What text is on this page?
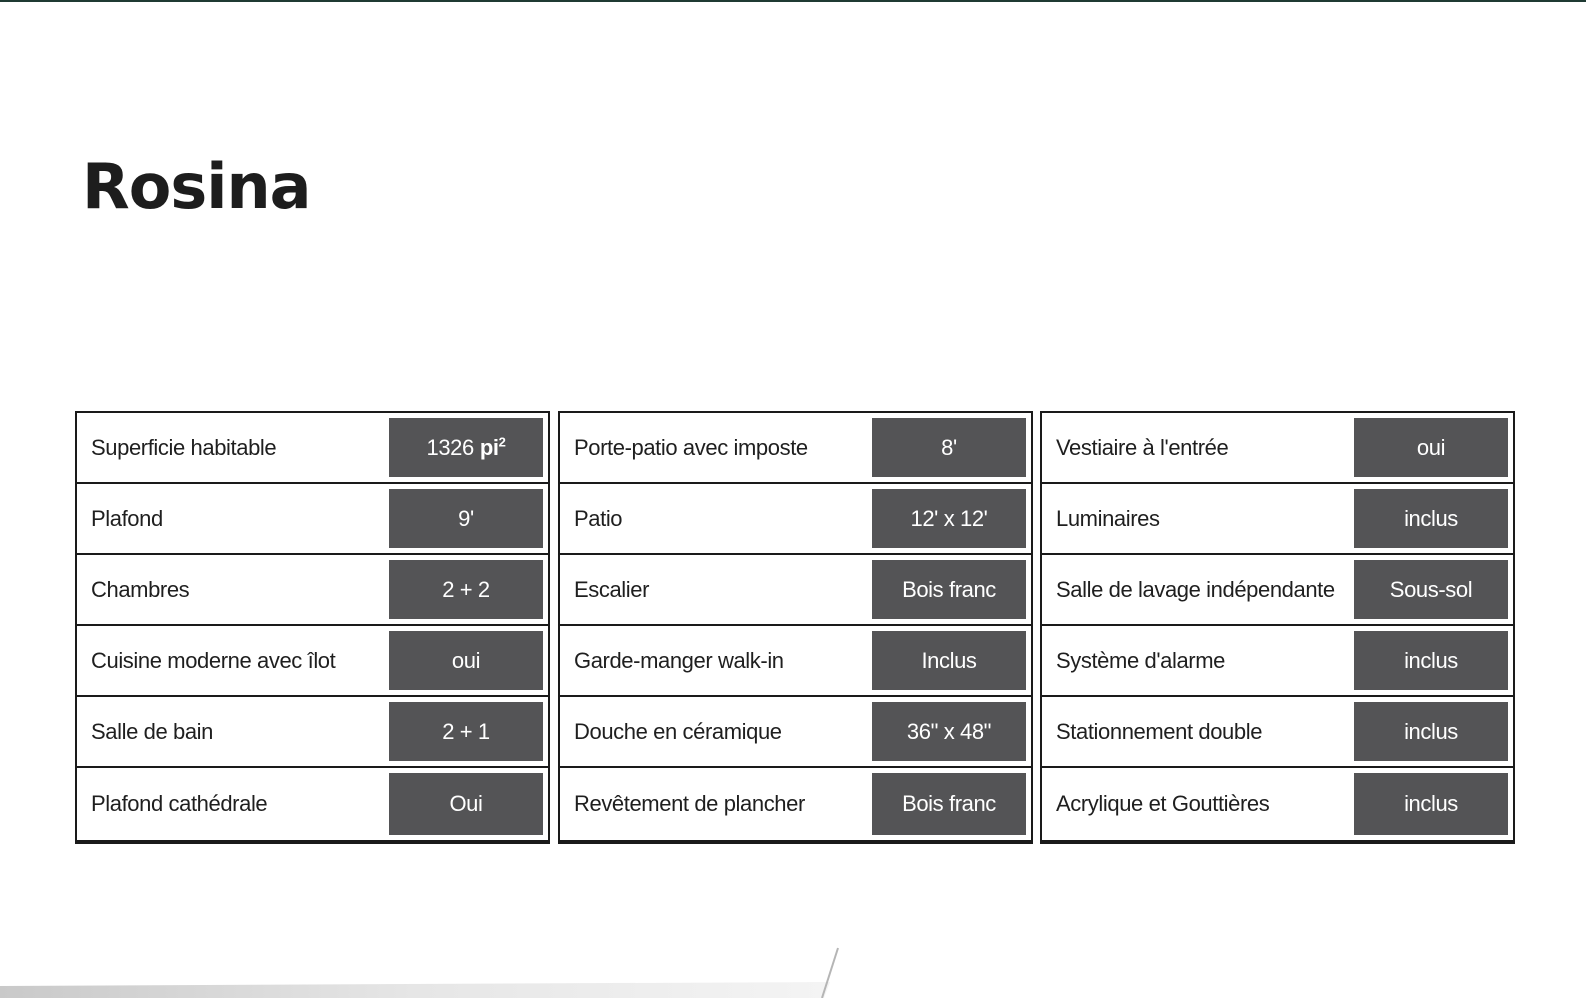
Rosina
Superficie habitable	1326 $pi^2$
Plafond	9'
Chambres	2 + 2
Cuisine moderne avec îlot	oui
Salle de bain	2 + 1
Plafond cathédrale	Oui
Porte-patio avec imposte	8'
Patio	12' x 12'
Escalier	Bois franc
Garde-manger walk-in	Inclus
Douche en céramique	36" x 48"
Revêtement de plancher	Bois franc
Vestiaire à l'entrée	oui
Luminaires	inclus
Salle de lavage indépendante	Sous-sol
Système d'alarme	inclus
Stationnement double	inclus
Acrylique et Gouttières	inclus
